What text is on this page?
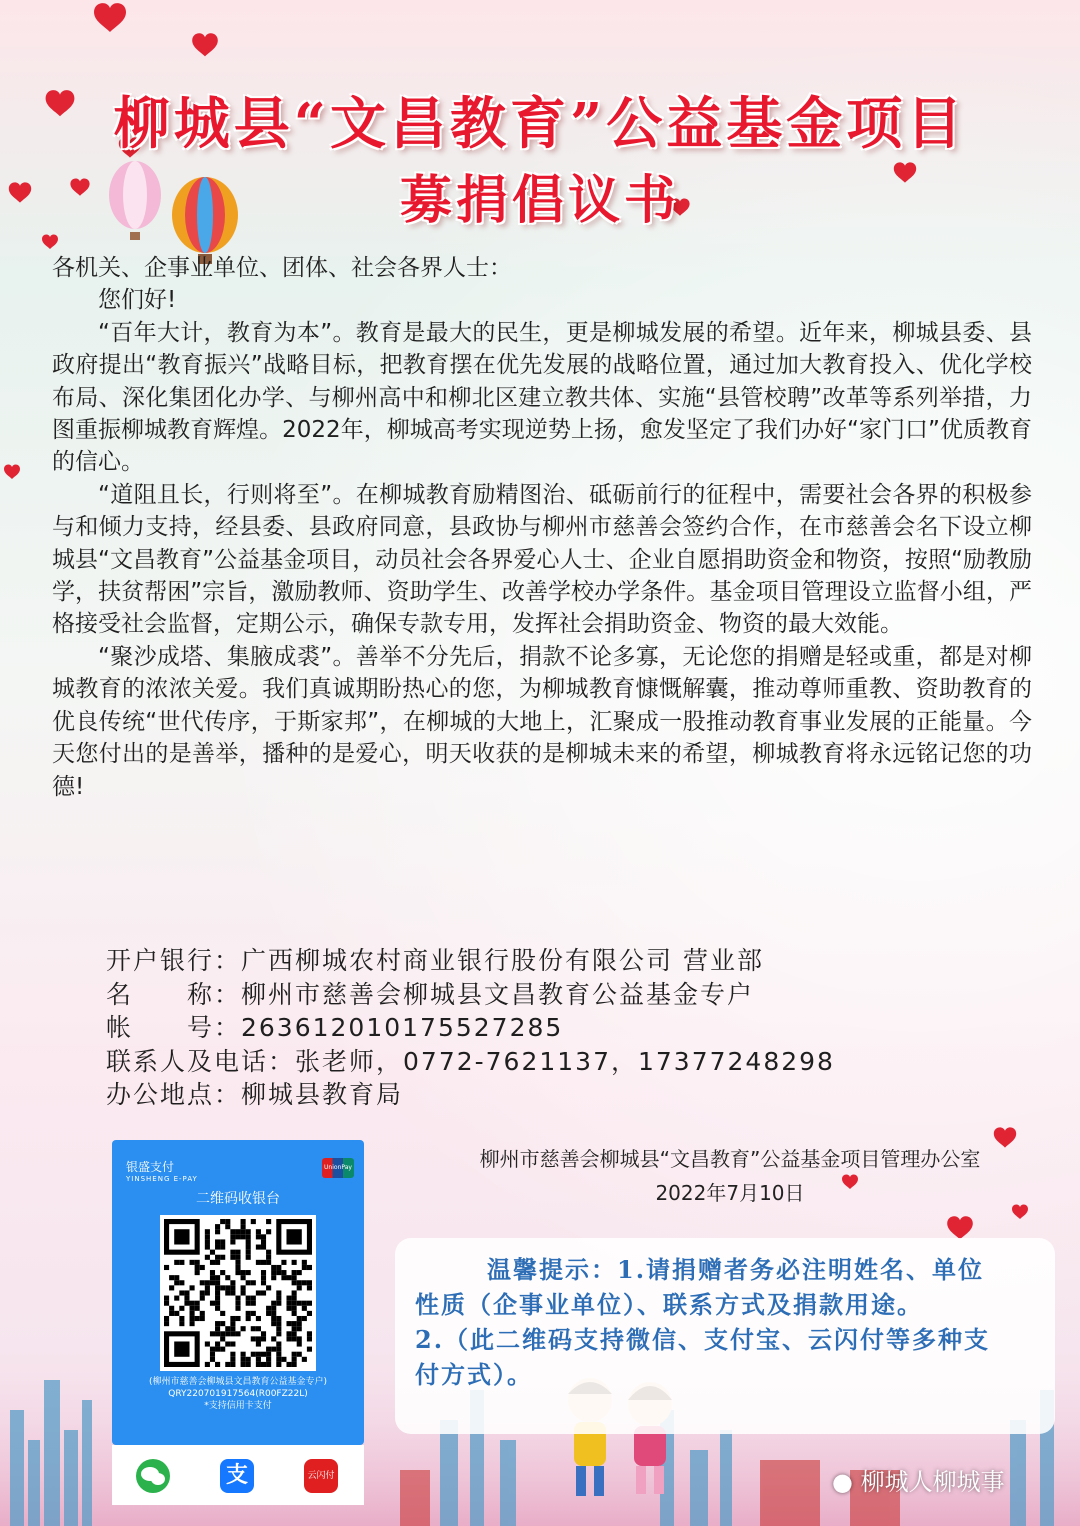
柳城县“文昌教育”公益基金项目
募捐倡议书

各机关、企事业单位、团体、社会各界人士：

您们好!

“百年大计，教育为本”。教育是最大的民生，更是柳城发展的希望。近年来，柳城县委、县政府提出“教育振兴”战略目标，把教育摆在优先发展的战略位置，通过加大教育投入、优化学校布局、深化集团化办学、与柳州高中和柳北区建立教共体、实施“县管校聘”改革等系列举措，力图重振柳城教育辉煌。2022年，柳城高考实现逆势上扬，愈发坚定了我们办好“家门口”优质教育的信心。

“道阻且长，行则将至”。在柳城教育励精图治、砥砺前行的征程中，需要社会各界的积极参与和倾力支持，经县委、县政府同意，县政协与柳州市慈善会签约合作，在市慈善会名下设立柳城县“文昌教育”公益基金项目，动员社会各界爱心人士、企业自愿捐助资金和物资，按照“励教励学，扶贫帮困”宗旨，激励教师、资助学生、改善学校办学条件。基金项目管理设立监督小组，严格接受社会监督，定期公示，确保专款专用，发挥社会捐助资金、物资的最大效能。

“聚沙成塔、集腋成裘”。善举不分先后，捐款不论多寡，无论您的捐赠是轻或重，都是对柳城教育的浓浓关爱。我们真诚期盼热心的您，为柳城教育慷慨解囊，推动尊师重教、资助教育的优良传统“世代传序，于斯家邦”，在柳城的大地上，汇聚成一股推动教育事业发展的正能量。今天您付出的是善举，播种的是爱心，明天收获的是柳城未来的希望，柳城教育将永远铭记您的功德!

开户银行：广西柳城农村商业银行股份有限公司 营业部
名　　称：柳州市慈善会柳城县文昌教育公益基金专户
帐　　号：263612010175527285
联系人及电话：张老师，0772-7621137，17377248298
办公地点：柳城县教育局
柳州市慈善会柳城县“文昌教育”公益基金项目管理办公室
2022年7月10日
温馨提示：1.请捐赠者务必注明姓名、单位
性质（企事业单位）、联系方式及捐款用途。
2.（此二维码支持微信、支付宝、云闪付等多种支
付方式）。
银盛支付
YINSHENG E-PAY
UnionPay
二维码收银台
(柳州市慈善会柳城县文昌教育公益基金专户)
QRY220701917564(R00FZ22L)
*支持信用卡支付
支	云闪付	● 柳城人柳城事
